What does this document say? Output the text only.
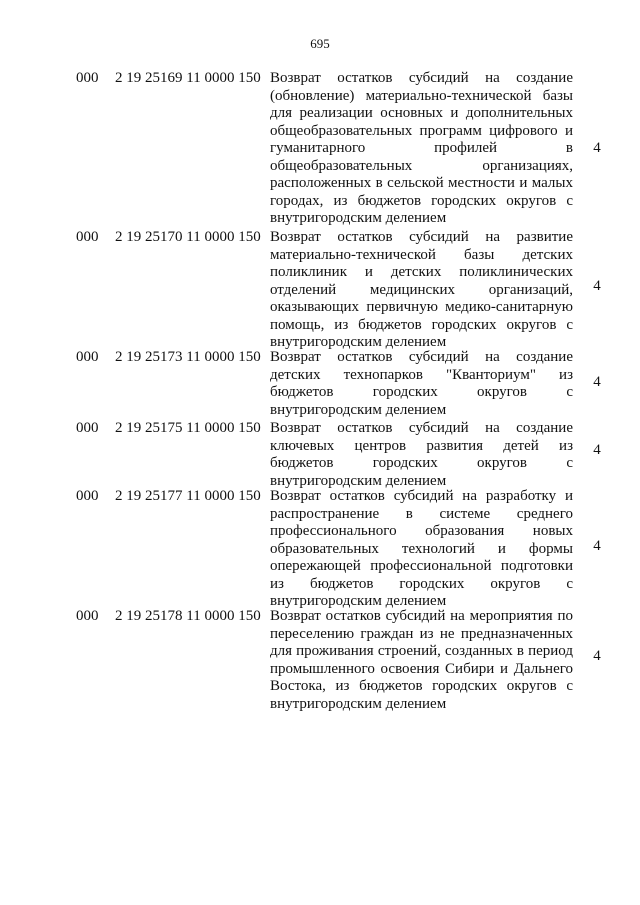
695
000	2 19 25169 11 0000 150 Возврат остатков субсидий на создание
(обновление) материально-технической базы
для реализации основных и дополнительных
общеобразовательных программ цифрового и
гуманитарного профилей в
общеобразовательных организациях,
расположенных в сельской местности и малых
городах, из бюджетов городских округов с
внутригородским делением
4
000	2 19 25170 11 0000 150 Возврат остатков субсидий на развитие
материально-технической базы детских
поликлиник и детских поликлинических
отделений медицинских организаций,
оказывающих первичную медико-санитарную
помощь, из бюджетов городских округов с
внутригородским делением
4
000	2 19 25173 11 0000 150 Возврат остатков субсидий на создание
детских технопарков "Кванториум" из
бюджетов городских округов с
внутригородским делением
4
000	2 19 25175 11 0000 150 Возврат остатков субсидий на создание
ключевых центров развития детей из
бюджетов городских округов с
внутригородским делением
4
000	2 19 25177 11 0000 150 Возврат остатков субсидий на разработку и
распространение в системе среднего
профессионального образования новых
образовательных технологий и формы
опережающей профессиональной подготовки
из бюджетов городских округов с
внутригородским делением
4
000	2 19 25178 11 0000 150 Возврат остатков субсидий на мероприятия по
переселению граждан из не предназначенных
для проживания строений, созданных в период
промышленного освоения Сибири и Дальнего
Востока, из бюджетов городских округов с
внутригородским делением
4
